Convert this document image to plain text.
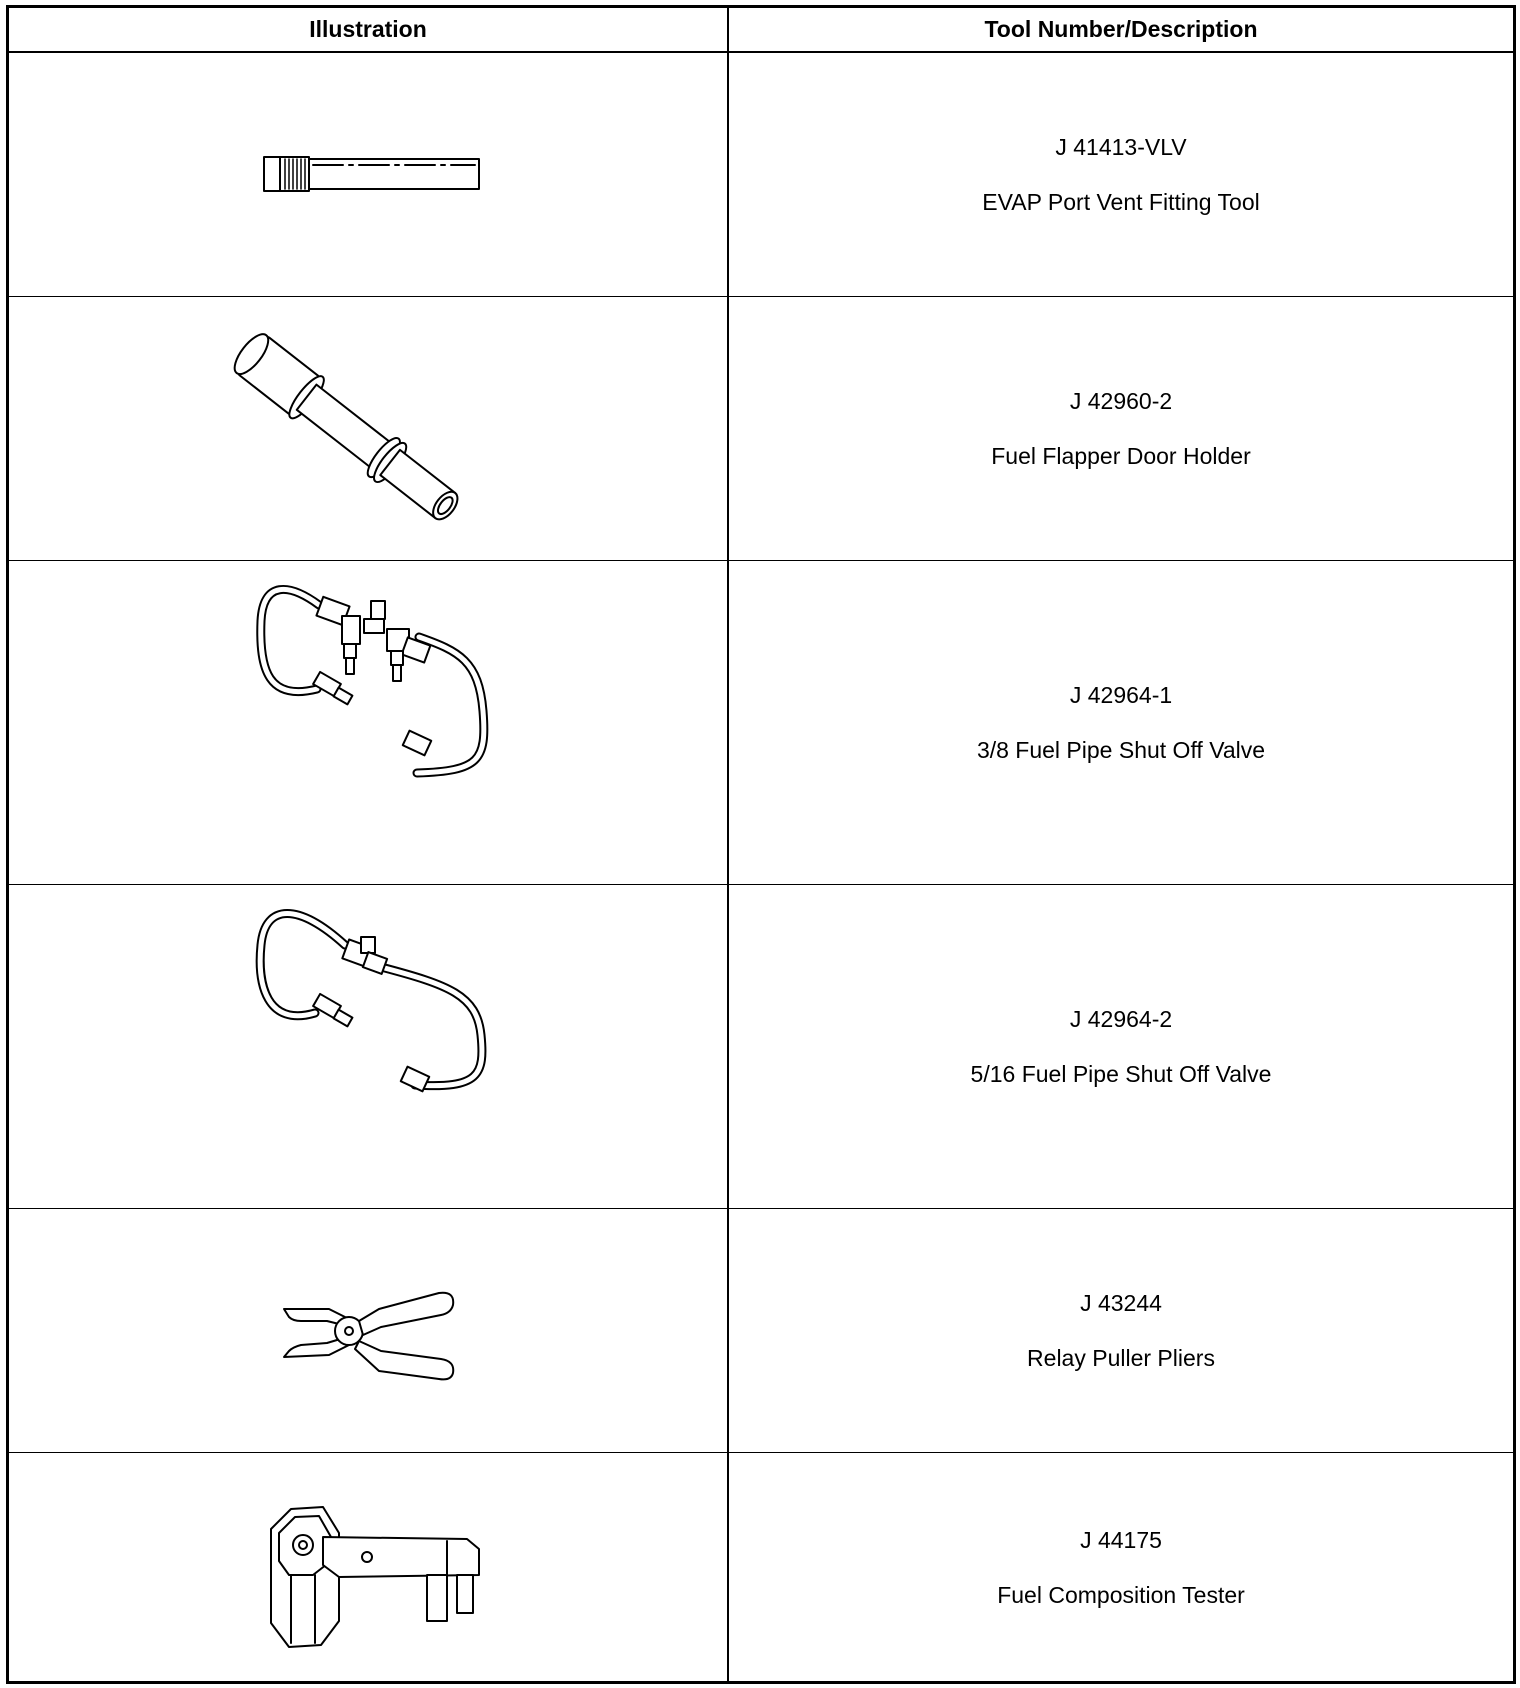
Illustration	Tool Number/Description
J 41413-VLV
EVAP Port Vent Fitting Tool
J 42960-2
Fuel Flapper Door Holder
J 42964-1
3/8 Fuel Pipe Shut Off Valve
J 42964-2
5/16 Fuel Pipe Shut Off Valve
J 43244
Relay Puller Pliers
J 44175
Fuel Composition Tester
